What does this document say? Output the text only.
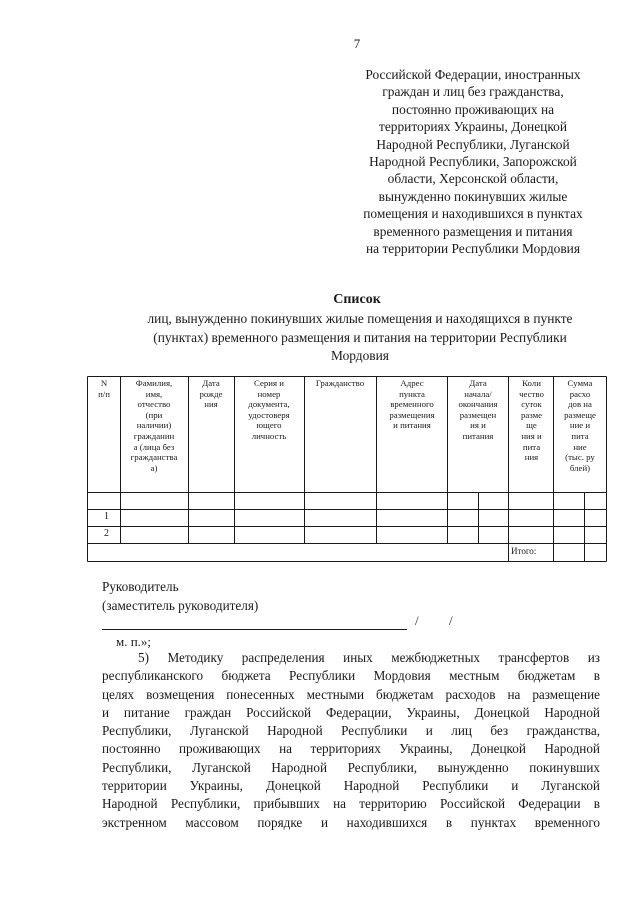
7
Российской Федерации, иностранных
граждан и лиц без гражданства,
постоянно проживающих на
территориях Украины, Донецкой
Народной Республики, Луганской
Народной Республики, Запорожской
области, Херсонской области,
вынужденно покинувших жилые
помещения и находившихся в пунктах
временного размещения и питания
на территории Республики Мордовия
Список
лиц, вынужденно покинувших жилые помещения и находящихся в пункте
(пунктах) временного размещения и питания на территории Республики
Мордовия
N
п/п
Фамилия,
имя,
отчество
(при
наличии)
гражданин
а (лица без
гражданства
а)
Дата
рожде
ния
Серия и
номер
документа,
удостоверя
ющего
личность
Гражданство	Адрес
пункта
временного
размещения
и питания
Дата
начала/
окончания
размещен
ия и
питания
Коли
чество
суток
разме
ще
ния и
пита
ния
Сумма
расхо
дов на
размеще
ние и
пита
ние
(тыс. ру
блей)
1
2
Итого:
Руководитель
(заместитель руководителя)
/ /
м. п.»;
5) Методику распределения иных межбюджетных трансфертов из
республиканского бюджета Республики Мордовия местным бюджетам в
целях возмещения понесенных местными бюджетам расходов на размещение
и питание граждан Российской Федерации, Украины, Донецкой Народной
Республики, Луганской Народной Республики и лиц без гражданства,
постоянно проживающих на территориях Украины, Донецкой Народной
Республики, Луганской Народной Республики, вынужденно покинувших
территории Украины, Донецкой Народной Республики и Луганской
Народной Республики, прибывших на территорию Российской Федерации в
экстренном массовом порядке и находившихся в пунктах временного
